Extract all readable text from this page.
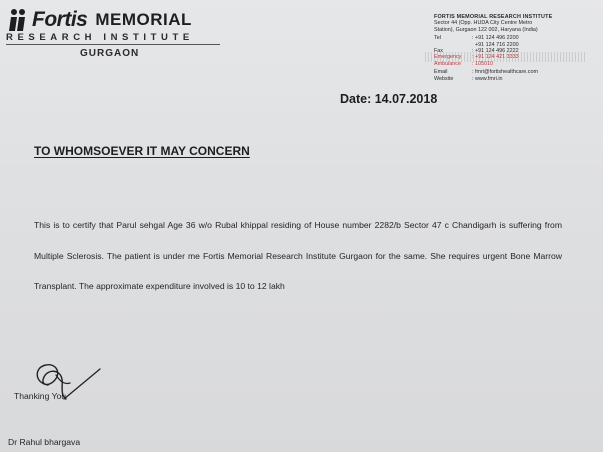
Fortis MEMORIAL
RESEARCH INSTITUTE
GURGAON
FORTIS MEMORIAL RESEARCH INSTITUTE
Sector 44 (Opp. HUDA City Centre Metro
Station), Gurgaon 122 002, Haryana (India)
Tel	: +91 124 496 2200
+91 124 716 2200
Fax	: +91 124 496 2222
Emergency	: +91 124 421 3333
Ambulance	: 105010
Email	: fmri@fortishealthcare.com
Website	: www.fmri.in
Date: 14.07.2018
TO WHOMSOEVER IT MAY CONCERN
This is to certify that Parul sehgal Age 36 w/o Rubal khippal residing of House number 2282/b Sector 47 c Chandigarh is suffering from Multiple Sclerosis. The patient is under me Fortis Memorial Research Institute Gurgaon for the same. She requires urgent Bone Marrow Transplant. The approximate expenditure involved is 10 to 12 lakh
Thanking You
Dr Rahul bhargava
